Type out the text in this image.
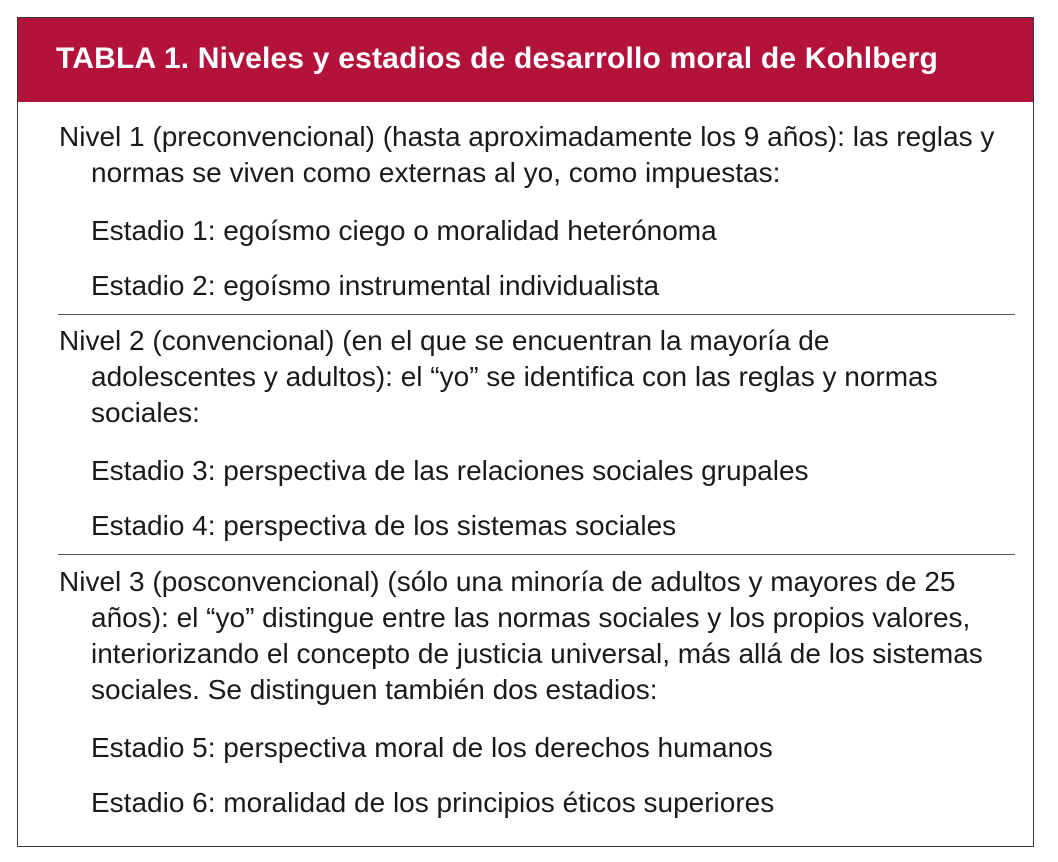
TABLA 1. Niveles y estadios de desarrollo moral de Kohlberg

Nivel 1 (preconvencional) (hasta aproximadamente los 9 años): las reglas y normas se viven como externas al yo, como impuestas:

Estadio 1: egoísmo ciego o moralidad heterónoma

Estadio 2: egoísmo instrumental individualista

Nivel 2 (convencional) (en el que se encuentran la mayoría de adolescentes y adultos): el “yo” se identifica con las reglas y normas sociales:

Estadio 3: perspectiva de las relaciones sociales grupales

Estadio 4: perspectiva de los sistemas sociales

Nivel 3 (posconvencional) (sólo una minoría de adultos y mayores de 25 años): el “yo” distingue entre las normas sociales y los propios valores, interiorizando el concepto de justicia universal, más allá de los sistemas sociales. Se distinguen también dos estadios:

Estadio 5: perspectiva moral de los derechos humanos

Estadio 6: moralidad de los principios éticos superiores
